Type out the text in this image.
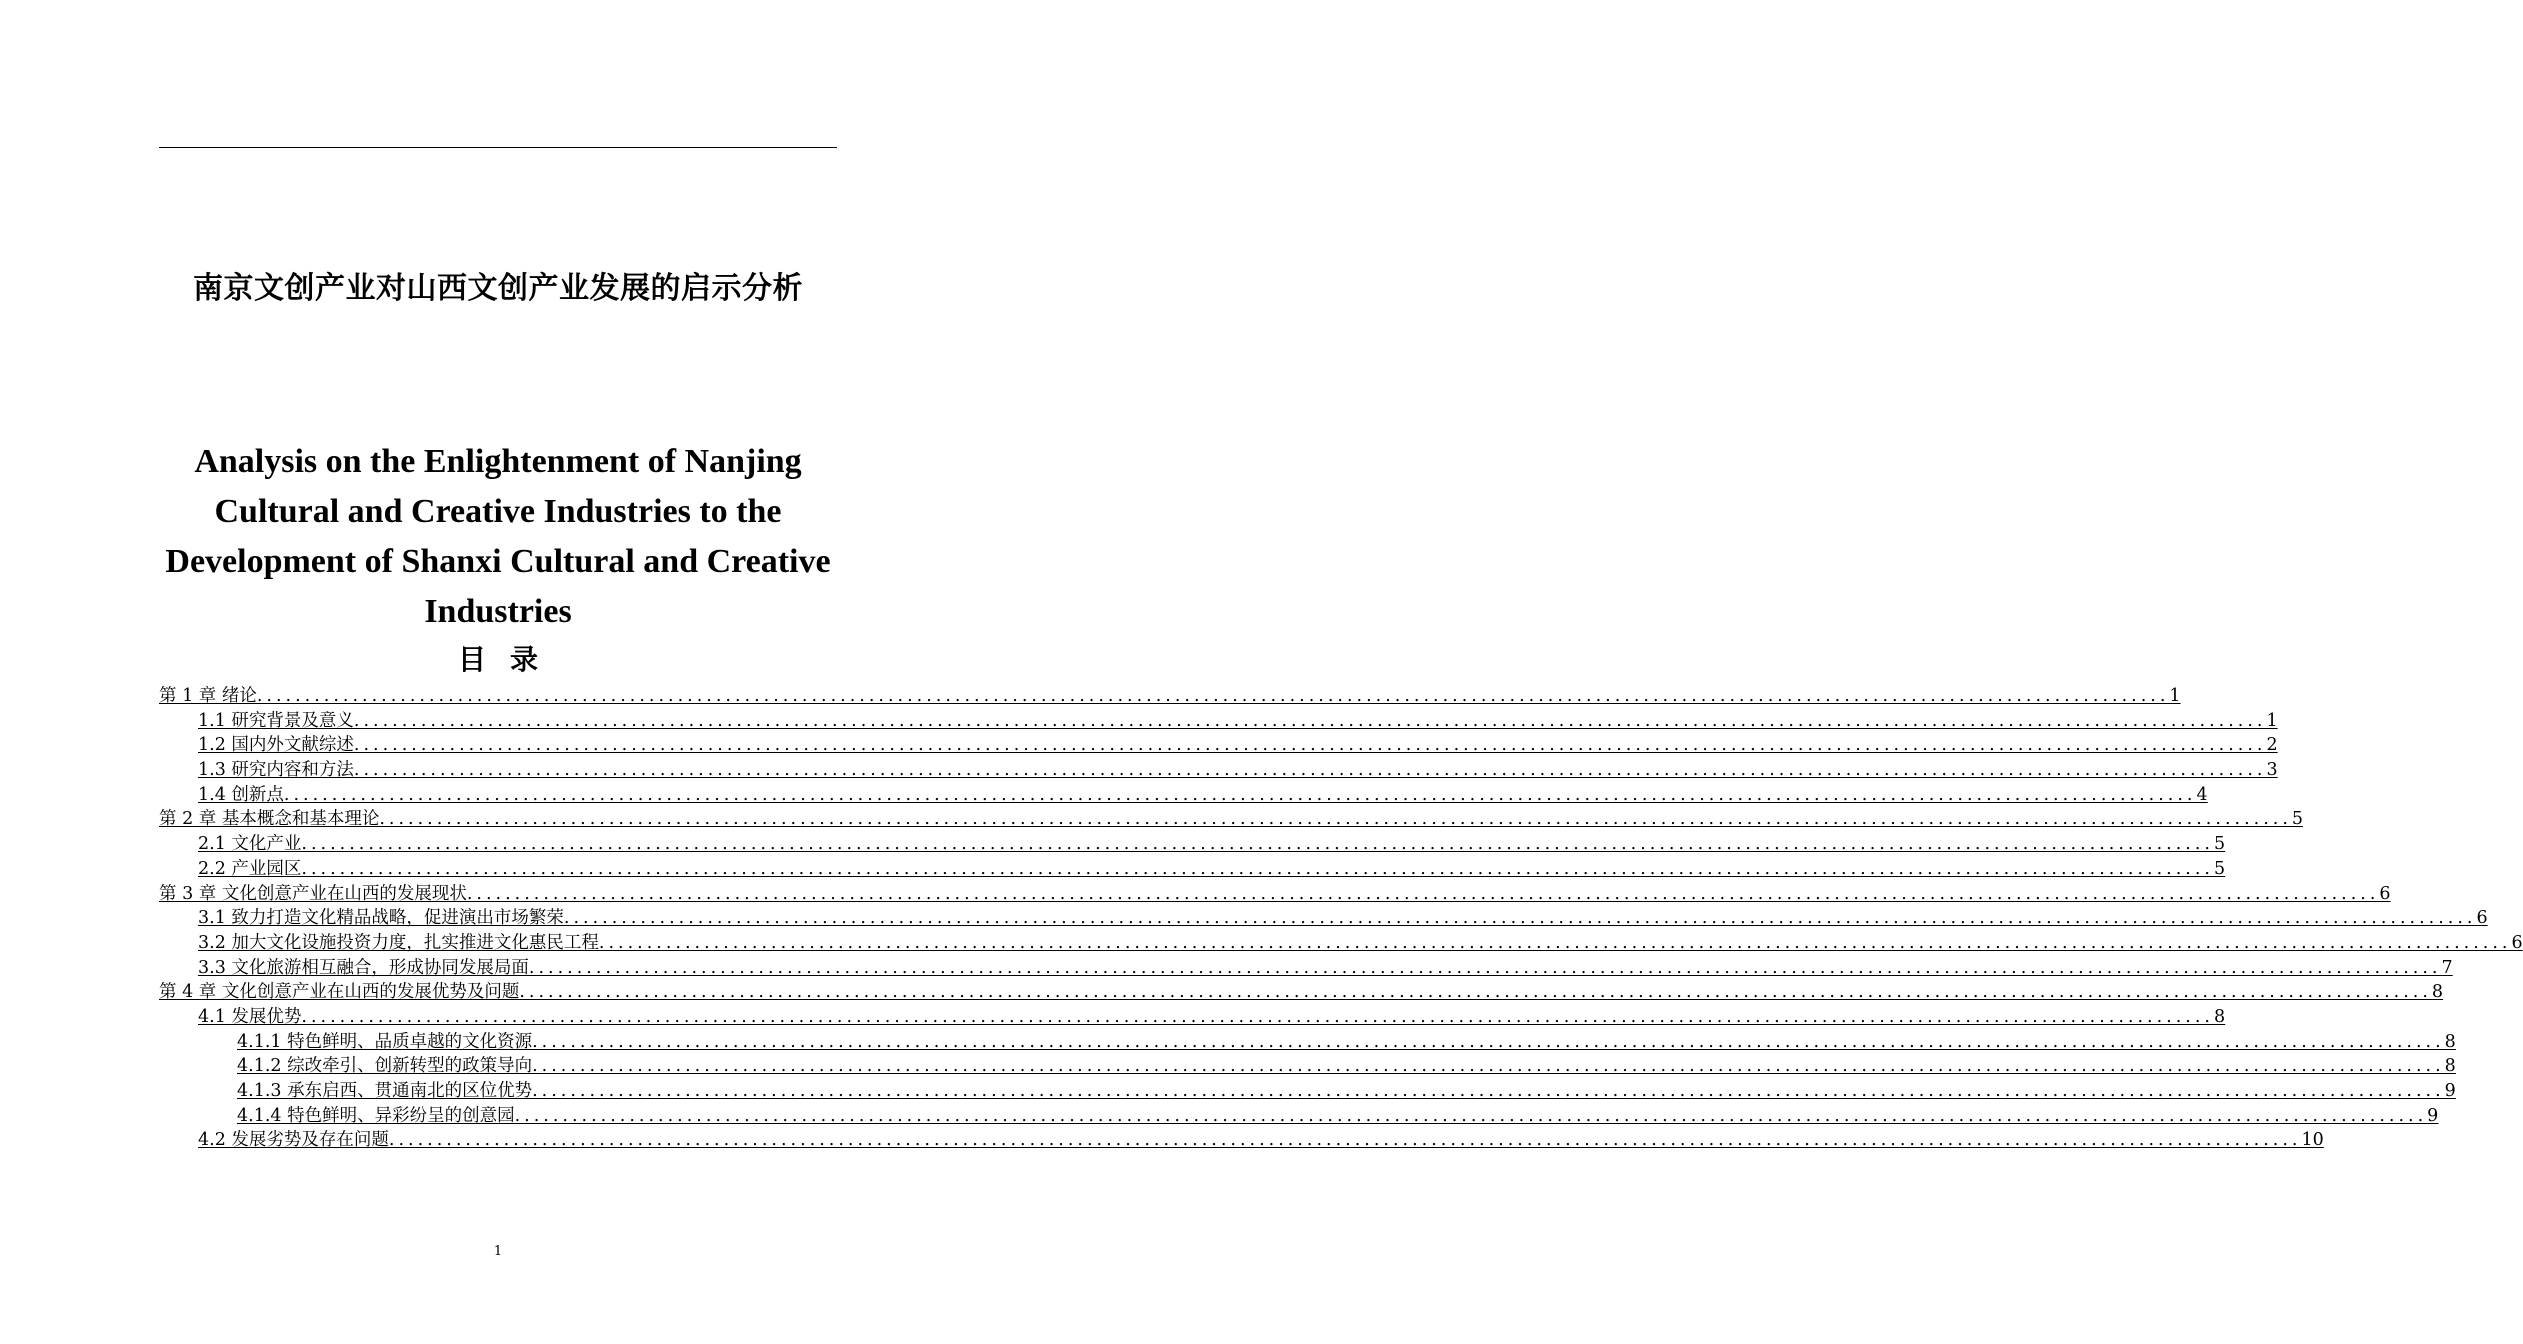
南京文创产业对山西文创产业发展的启示分析
Analysis on the Enlightenment of Nanjing Cultural and Creative Industries to the Development of Shanxi Cultural and Creative Industries
目录
第 1 章 绪论 ........................................................................................................................................................................................................ 1
1.1 研究背景及意义 ........................................................................................................................................................................................................ 1
1.2 国内外文献综述 ........................................................................................................................................................................................................ 2
1.3 研究内容和方法 ........................................................................................................................................................................................................ 3
1.4 创新点 ........................................................................................................................................................................................................ 4
第 2 章 基本概念和基本理论 ........................................................................................................................................................................................................ 5
2.1 文化产业 ........................................................................................................................................................................................................ 5
2.2 产业园区 ........................................................................................................................................................................................................ 5
第 3 章 文化创意产业在山西的发展现状 ........................................................................................................................................................................................................ 6
3.1 致力打造文化精品战略，促进演出市场繁荣 ........................................................................................................................................................................................................ 6
3.2 加大文化设施投资力度，扎实推进文化惠民工程 ........................................................................................................................................................................................................ 6
3.3 文化旅游相互融合，形成协同发展局面 ........................................................................................................................................................................................................ 7
第 4 章 文化创意产业在山西的发展优势及问题 ........................................................................................................................................................................................................ 8
4.1 发展优势 ........................................................................................................................................................................................................ 8
4.1.1 特色鲜明、品质卓越的文化资源 ........................................................................................................................................................................................................ 8
4.1.2 综改牵引、创新转型的政策导向 ........................................................................................................................................................................................................ 8
4.1.3 承东启西、贯通南北的区位优势 ........................................................................................................................................................................................................ 9
4.1.4 特色鲜明、异彩纷呈的创意园 ........................................................................................................................................................................................................ 9
4.2 发展劣势及存在问题 ........................................................................................................................................................................................................ 10
1
